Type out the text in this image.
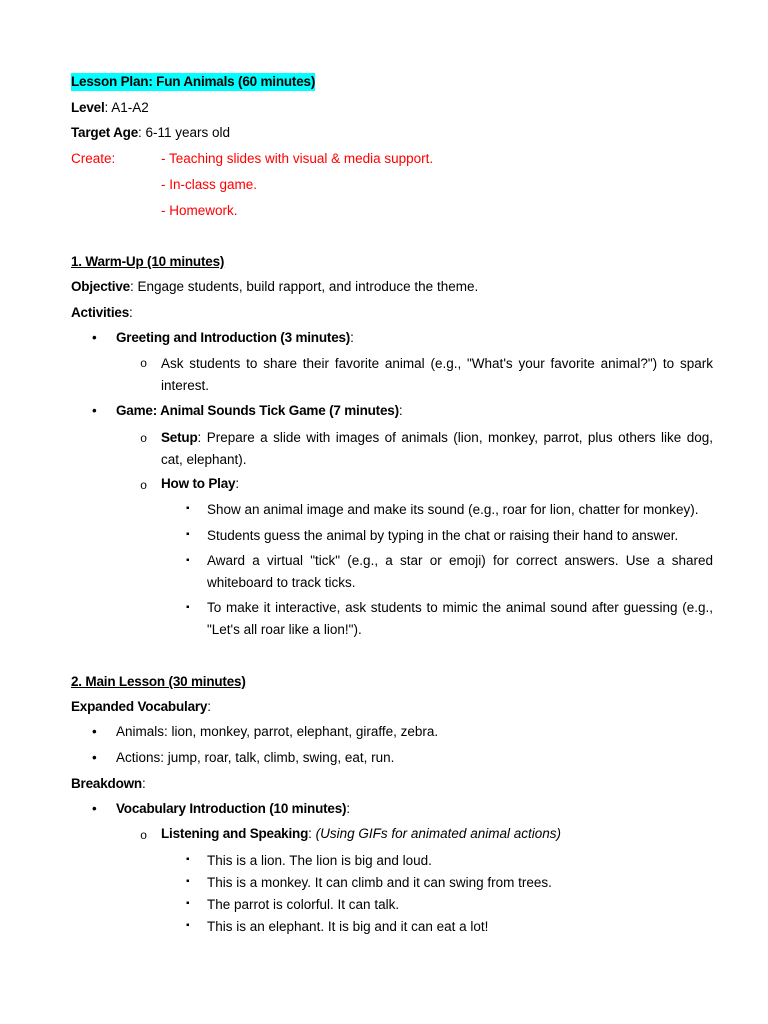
Lesson Plan: Fun Animals (60 minutes)
Level: A1-A2
Target Age: 6-11 years old
Create:	- Teaching slides with visual & media support.
- In-class game.
- Homework.
1. Warm-Up (10 minutes)
Objective: Engage students, build rapport, and introduce the theme.
Activities:
• Greeting and Introduction (3 minutes):
o Ask students to share their favorite animal (e.g., "What's your favorite animal?") to spark interest.
• Game: Animal Sounds Tick Game (7 minutes):
o Setup: Prepare a slide with images of animals (lion, monkey, parrot, plus others like dog, cat, elephant).
o How to Play:
▪ Show an animal image and make its sound (e.g., roar for lion, chatter for monkey).
▪ Students guess the animal by typing in the chat or raising their hand to answer.
▪ Award a virtual "tick" (e.g., a star or emoji) for correct answers. Use a shared whiteboard to track ticks.
▪ To make it interactive, ask students to mimic the animal sound after guessing (e.g., "Let's all roar like a lion!").
2. Main Lesson (30 minutes)
Expanded Vocabulary:
• Animals: lion, monkey, parrot, elephant, giraffe, zebra.
• Actions: jump, roar, talk, climb, swing, eat, run.
Breakdown:
• Vocabulary Introduction (10 minutes):
o Listening and Speaking: (Using GIFs for animated animal actions)
▪ This is a lion. The lion is big and loud.
▪ This is a monkey. It can climb and it can swing from trees.
▪ The parrot is colorful. It can talk.
▪ This is an elephant. It is big and it can eat a lot!
